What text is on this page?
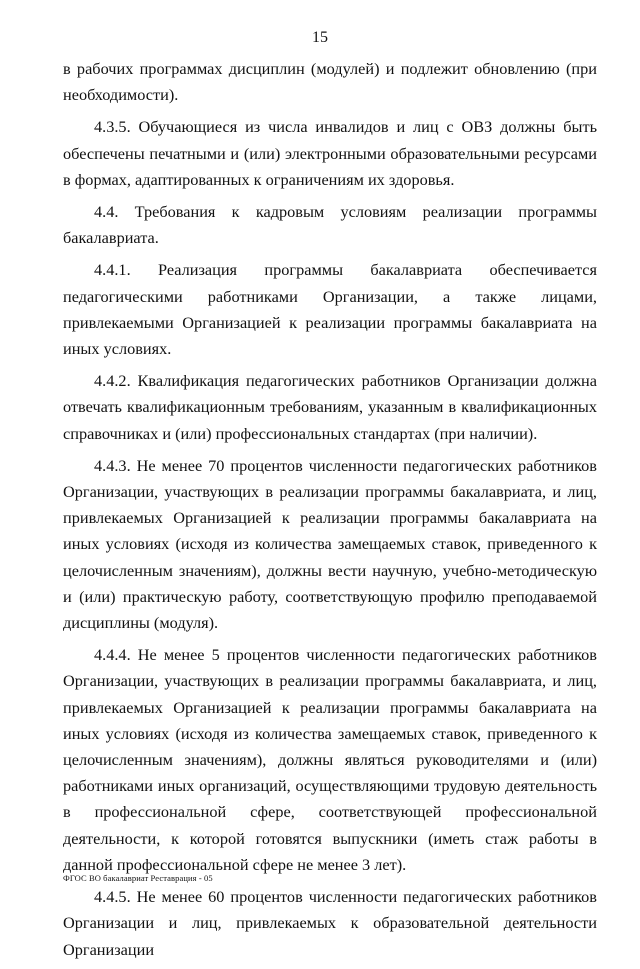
15

в рабочих программах дисциплин (модулей) и подлежит обновлению (при необходимости).

4.3.5. Обучающиеся из числа инвалидов и лиц с ОВЗ должны быть обеспечены печатными и (или) электронными образовательными ресурсами в формах, адаптированных к ограничениям их здоровья.

4.4. Требования к кадровым условиям реализации программы бакалавриата.

4.4.1. Реализация программы бакалавриата обеспечивается педагогическими работниками Организации, а также лицами, привлекаемыми Организацией к реализации программы бакалавриата на иных условиях.

4.4.2. Квалификация педагогических работников Организации должна отвечать квалификационным требованиям, указанным в квалификационных справочниках и (или) профессиональных стандартах (при наличии).

4.4.3. Не менее 70 процентов численности педагогических работников Организации, участвующих в реализации программы бакалавриата, и лиц, привлекаемых Организацией к реализации программы бакалавриата на иных условиях (исходя из количества замещаемых ставок, приведенного к целочисленным значениям), должны вести научную, учебно-методическую и (или) практическую работу, соответствующую профилю преподаваемой дисциплины (модуля).

4.4.4. Не менее 5 процентов численности педагогических работников Организации, участвующих в реализации программы бакалавриата, и лиц, привлекаемых Организацией к реализации программы бакалавриата на иных условиях (исходя из количества замещаемых ставок, приведенного к целочисленным значениям), должны являться руководителями и (или) работниками иных организаций, осуществляющими трудовую деятельность в профессиональной сфере, соответствующей профессиональной деятельности, к которой готовятся выпускники (иметь стаж работы в данной профессиональной сфере не менее 3 лет).

4.4.5. Не менее 60 процентов численности педагогических работников Организации и лиц, привлекаемых к образовательной деятельности Организации

ФГОС ВО бакалавриат Реставрация - 05
